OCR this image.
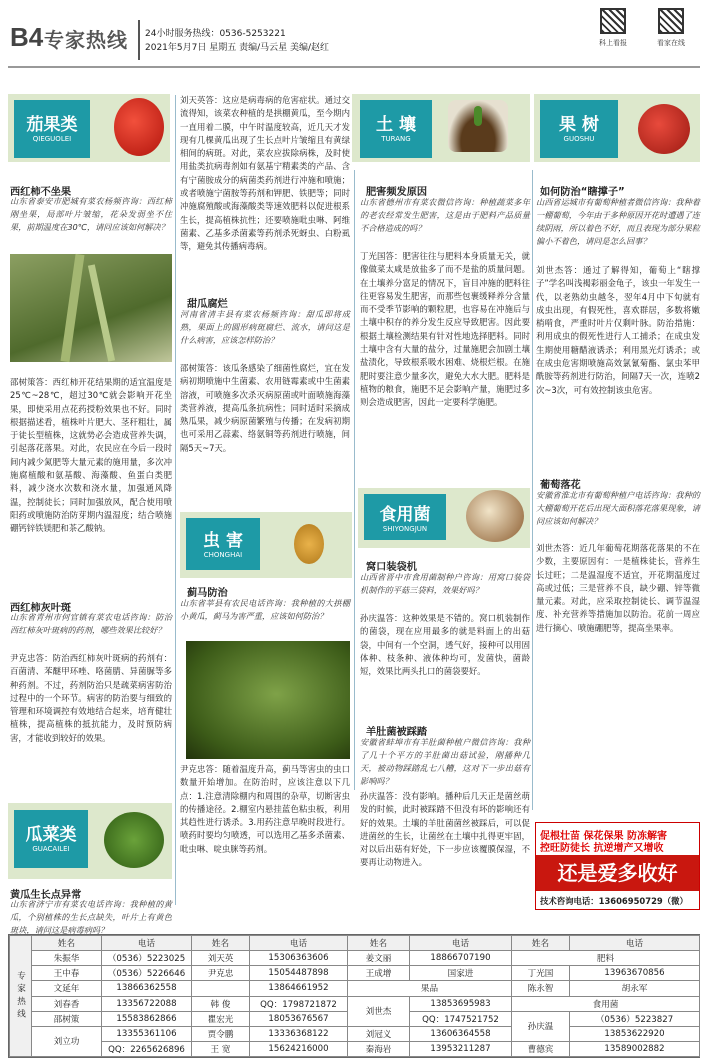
B4 专家热线 24小时服务热线：0536-5253221
2021年5月7日 星期五 责编/马云星 美编/赵红	科上看报	看家在线
茄果类
QIEGUOLEI
土 壤
TURANG
果 树
GUOSHU
西红柿不坐果
山东省泰安市肥城有菜农杨频咨询：西红柿刚坐果，局部叶片皱缩，花朵发弱坐不住果，前期温度在30℃，请问应该如何解决？
邵树策答：西红柿开花结果期的适宜温度是25℃~28℃，超过30℃就会影响开花坐果，即使采用点花药授粉效果也不好。同时根据描述看，植株叶片肥大、茎秆粗壮，属于徒长型植株，这就势必会造成营养失调，引起落花落果。对此，农民应在今后一段时间内减少氮肥等大量元素的施用量，多次冲施腐植酸和氨基酸、海藻酸、鱼蛋白类肥料，减少浇水次数和浇水量，加强通风降温，控制徒长；同时加强放风，配合使用喷阳药或喷施防治防芽期内温湿度；结合喷施硼钙锌铁镁肥和茶乙酸钠。
西红柿灰叶斑
山东省青州市何官镇有菜农电话咨询：防治西红柿灰叶斑病的药剂，哪些效果比较好？
尹克忠答：防治西红柿灰叶斑病的药剂有：百菌清、苯醚甲环唑、咯菌腈、异菌脲等多种药剂。不过，药剂防治只是疏菜病害防治过程中的一个环节。病害的防治要与细致的管理和环境调控有效地结合起来，培育健壮植株，提高植株的抵抗能力，及时预防病害，才能收到较好的效果。
瓜菜类
GUACAILEI
黄瓜生长点异常
山东省济宁市有菜农电话咨询：我种植的黄瓜，个别植株的生长点缺失，叶片上有黄色斑块，请问这是病毒病吗？
刘天英答：这应是病毒病的危害症状。通过交流得知，该菜农种植的是拱棚黄瓜，至今期内一直用着二膜，中午时温度较高，近几天才发现有几棵黄瓜出现了生长点叶片皱缩且有黄绿相间的病斑。对此，菜农应拔除病株，及时使用盐类抗病毒剂如有氨基宁精素类的产品、含有宁菌胺成分的病菌类药剂进行冲施和喷施；或者喷施宁菌胺等药剂和钾肥、铁肥等；同时冲施腐殖酸或海藻酸类等速效肥料以促进根系生长，提高植株抗性；还要喷施吡虫啉、阿维菌素、乙基多杀菌素等药剂杀死蚜虫、白粉虱等，避免其传播病毒病。
甜瓜腐烂
河南省清丰县有菜农杨频咨询：甜瓜即将成熟，果面上的圆形病斑腐烂、流水，请问这是什么病害，应该怎样防治？
邵树策答：该瓜条感染了细菌性腐烂，宜在发病初期喷施中生菌素、农用链霉素或中生菌素溶液，可喷施多次杀灭病原菌或叶面喷施海藻类营养液，提高瓜条抗病性；同时适时采摘成熟瓜果，减少病原菌繁殖与传播；在发病初期也可采用乙蒜素、络氨铜等药剂进行喷施，间隔5天~7天。
虫 害
CHONGHAI
蓟马防治
山东省莘县有农民电话咨询：我种植的大拱棚小黄瓜，蓟马为害严重，应该如何防治？
尹克忠答：随着温度升高，蓟马等害虫的虫口数量开始增加。在防治时，应该注意以下几点：1.注意清除棚内和周围的杂草，切断害虫的传播途径。2.棚室内悬挂蓝色粘虫板，利用其趋性进行诱杀。3.用药注意早晚时段进行。喷药时要均匀喷透，可以选用乙基多杀菌素、吡虫啉、啶虫脒等药剂。
肥害频发原因
山东省德州市有菜农微信咨询：种植蔬菜多年的老农经常发生肥害，这是由于肥料产品质量不合格造成的吗？
丁光国答：肥害往往与肥料本身质量无关，就像做菜太咸是放盐多了而不是盐的质量问题。在土壤养分富足的情况下，盲目冲施的肥料往往更容易发生肥害，而那些包裹缓释养分含量而不受季节影响的颗粒肥，也容易在冲施后与土壤中积存的养分发生反应导致肥害。因此要根据土壤检测结果有针对性地选择肥料。同时土壤中含有大量的盐分，过量施肥会加剧土壤盐渍化，导致根系吸水困难、烧根烂根。在施肥时要注意少量多次，避免大水大肥。肥料是植物的粮食，施肥不足会影响产量，施肥过多则会造成肥害，因此一定要科学施肥。
食用菌
SHIYONGJUN
窝口装袋机
山西省晋中市食用菌制种户咨询：用窝口装袋机制作的平菇三袋料，效果好吗？
孙庆温答：这种效果是不错的。窝口机装制作的菌袋，现在应用最多的就是料面上的出菇袋，中间有一个空洞，透气好，接种可以用固体种、枝条种、液体种均可，发菌快，菌龄短，效果比两头扎口的菌袋要好。
羊肚菌被踩踏
安徽省蚌埠市有羊肚菌种植户微信咨询：我种了几十个平方的羊肚菌出菇试验，刚播种几天，被动物踩踏乱七八糟，这对下一步出菇有影响吗？
孙庆温答：没有影响。播种后几天正是菌丝萌发的时候，此时被踩踏不但没有坏的影响还有好的效果。土壤的羊肚菌菌丝被踩后，可以促进菌丝的生长，让菌丝在土壤中扎得更牢固，对以后出菇有好处，下一步应该覆膜保湿，不要再让动物进入。
如何防治“瞎撑子”
山西省运城市有葡萄种植者微信咨询：我种着一棚葡萄，今年由于多种原因开花时遭遇了连续阴雨，所以着色不好，而且表现为部分果粒偏小不着色，请问是怎么回事？
刘世杰答：通过了解得知，葡萄上“瞎撑子”学名叫浅褐彩丽金龟子，该虫一年发生一代，以老熟幼虫越冬，翌年4月中下旬就有成虫出现，有假死性，喜欢群居，多数将嫩梢啃食，严重时叶片仅剩叶脉。防治措施：利用成虫的假死性进行人工捕杀；在成虫发生期使用糖醋液诱杀；利用黑光灯诱杀；或在成虫危害期喷施高效氯氰菊酯、氯虫苯甲酰胺等药剂进行防治，间隔7天一次，连喷2次~3次，可有效控制该虫危害。
葡萄落花
安徽省淮北市有葡萄种植户电话咨询：我种的大棚葡萄开花后出现大面积落花落果现象，请问应该如何解决？
刘世杰答：近几年葡萄花期落花落果的不在少数，主要原因有：一是植株徒长，营养生长过旺；二是温湿度不适宜，开花期温度过高或过低；三是营养不良，缺少硼、锌等微量元素。对此，应采取控制徒长、调节温湿度、补充营养等措施加以防治。花前一周应进行摘心、喷施硼肥等，提高坐果率。
促根壮苗 保花保果 防冻解害
控旺防徒长 抗逆增产又增收
还是爱多收好
技术咨询电话：13606950729（微）
专家热线	姓名	电话	姓名	电话	姓名	电话	姓名	电话
	朱振华	（0536）5223025	刘天英	15306363606	姜文丽	18866707190	肥料	
	王中春	（0536）5226646	尹克忠	15054487898	王成增	国家进	丁光国	13963670856
	文延年	13866362558		13864661952	果品		陈永智	胡永军
	刘春香	13356722088	韩 俊	QQ：1798721872	刘世杰	13853695983	食用菌	
	邵树策	15583862866	瞿宏光	18053676567		QQ：1747521752	孙庆温	（0536）5223827
	刘立功	13355361106	贾令鹏	13336368122	刘冠义	13606364558		13853622920
		QQ：2265626896	王 宽	15624216000	秦海岩	13953211287	曹德宾	13589002882
